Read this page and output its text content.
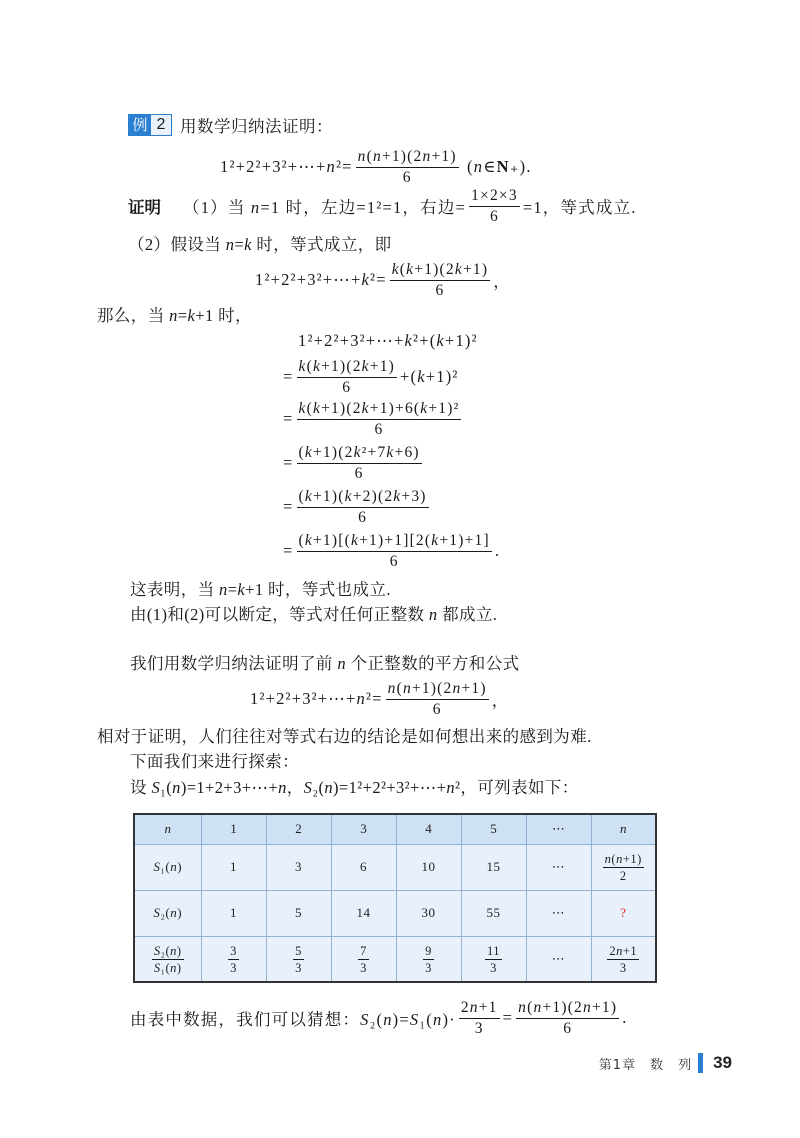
例 2 用数学归纳法证明：
1²+2²+3²+⋯+n²= $\frac{n(n+1)(2n+1)}{6}$ (n∈N₊).
证明 （1）当 n=1 时，左边=1²=1，右边= $\frac{1\times 2\times 3}{6} =1$，等式成立.
（2）假设当 n=k 时，等式成立，即
1²+2²+3²+⋯+k²= $\frac{k(k+1)(2k+1)}{6}$ ，
那么，当 n=k+1 时，
1²+2²+3²+⋯+k²+(k+1)²
= $\frac{k(k+1)(2k+1)}{6} +(k+1)^2$
= $\frac{\text{k(k+1)(2k+1)+6(k+1)²}}{6}$
= $\frac{\text{(k+1)(2k²+7k+6)}}{6}$
= $\frac{(k+1)(k+2)(2k+3)}{6}$
= $\frac{(k+1)[(k+1)+1][2(k+1)+1]}{6}$ .
这表明，当 n=k+1 时，等式也成立.
由(1)和(2)可以断定，等式对任何正整数 n 都成立.
我们用数学归纳法证明了前 n 个正整数的平方和公式
1²+2²+3²+⋯+n²= $\frac{n(n+1)(2n+1)}{6}$ ，
相对于证明，人们往往对等式右边的结论是如何想出来的感到为难.
下面我们来进行探索：
设 S₁(n)=1+2+3+⋯+n，S₂(n)=1²+2²+3²+⋯+n²，可列表如下：
n	1	2	3	4	5	⋯	n
S₁(n)	1	3	6	10	15	⋯	$\frac{n(n+1)}{2}$

S₂(n)	1	5	14	30	55	⋯	?

$\frac{\text{S₂(n)}}{\text{S₁(n)}}$	$\frac{3}{3}$	$\frac{5}{3}$	$\frac{7}{3}$	$\frac{9}{3}$	$\frac{11}{3}$	⋯	$\frac{2n+1}{3}$
由表中数据，我们可以猜想：$S_2(n)=S_1(n)\cdot \frac{2n+1}{3} = \frac{n(n+1)(2n+1)}{6}$ .
第1章　数　列 39
